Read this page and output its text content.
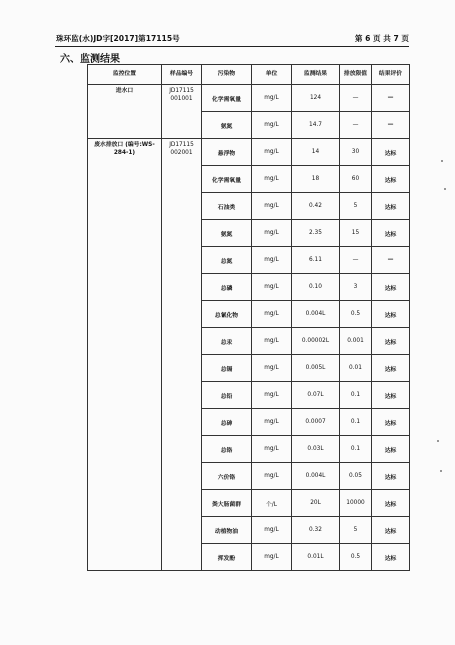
珠环监(水)JD字[2017]第17115号	第 6 页 共 7 页
六、监测结果
监控位置	样品编号	污染物	单位	监测结果	排放限值	结果评价
进水口	JD17115 001001	化学需氧量	mg/L	124	—	—
		氨氮	mg/L	14.7	—	—
废水排放口 (编号:WS-284-1)	JD17115 002001	悬浮物	mg/L	14	30	达标
		化学需氧量	mg/L	18	60	达标
		石油类	mg/L	0.42	5	达标
		氨氮	mg/L	2.35	15	达标
		总氮	mg/L	6.11	—	—
		总磷	mg/L	0.10	3	达标
		总氰化物	mg/L	0.004L	0.5	达标
		总汞	mg/L	0.00002L	0.001	达标
		总镉	mg/L	0.005L	0.01	达标
		总铅	mg/L	0.07L	0.1	达标
		总砷	mg/L	0.0007	0.1	达标
		总铬	mg/L	0.03L	0.1	达标
		六价铬	mg/L	0.004L	0.05	达标
		粪大肠菌群	个/L	20L	10000	达标
		动植物油	mg/L	0.32	5	达标
		挥发酚	mg/L	0.01L	0.5	达标
